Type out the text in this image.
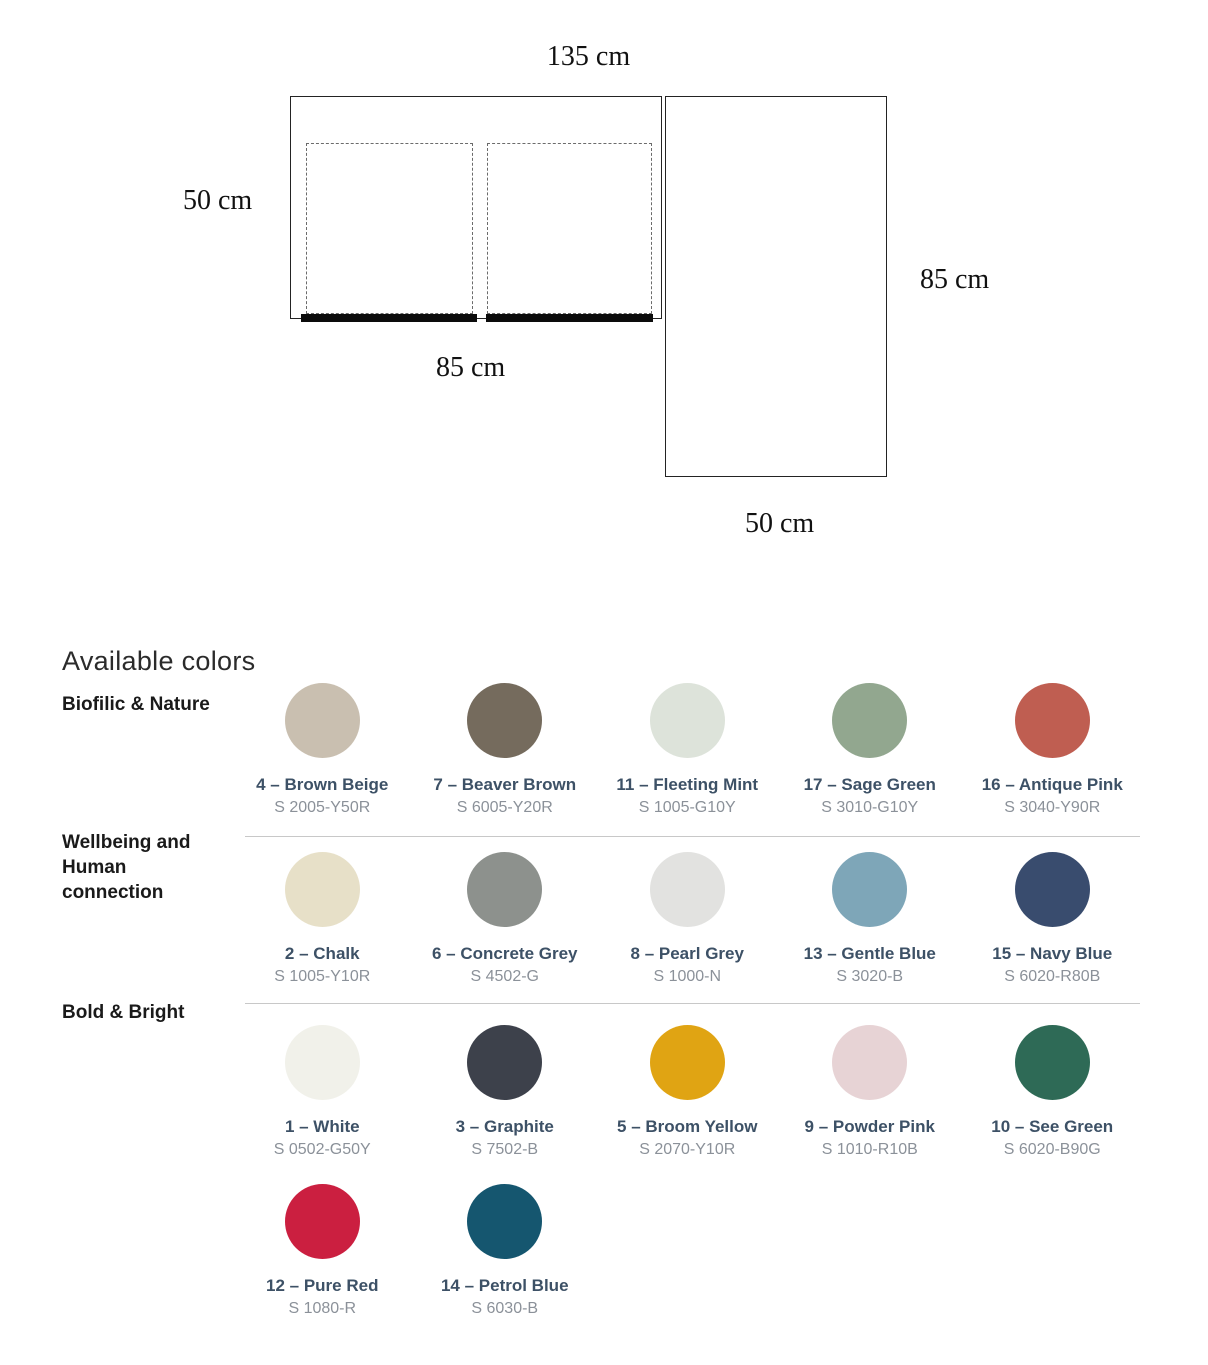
135 cm
50 cm
85 cm
85 cm
50 cm
Available colors
Biofilic & Nature
Wellbeing and Human connection
Bold & Bright
4 – Brown Beige
S 2005-Y50R
7 – Beaver Brown
S 6005-Y20R
11 – Fleeting Mint
S 1005-G10Y
17 – Sage Green
S 3010-G10Y
16 – Antique Pink
S 3040-Y90R
2 – Chalk
S 1005-Y10R
6 – Concrete Grey
S 4502-G
8 – Pearl Grey
S 1000-N
13 – Gentle Blue
S 3020-B
15 – Navy Blue
S 6020-R80B
1 – White
S 0502-G50Y
3 – Graphite
S 7502-B
5 – Broom Yellow
S 2070-Y10R
9 – Powder Pink
S 1010-R10B
10 – See Green
S 6020-B90G
12 – Pure Red
S 1080-R
14 – Petrol Blue
S 6030-B
